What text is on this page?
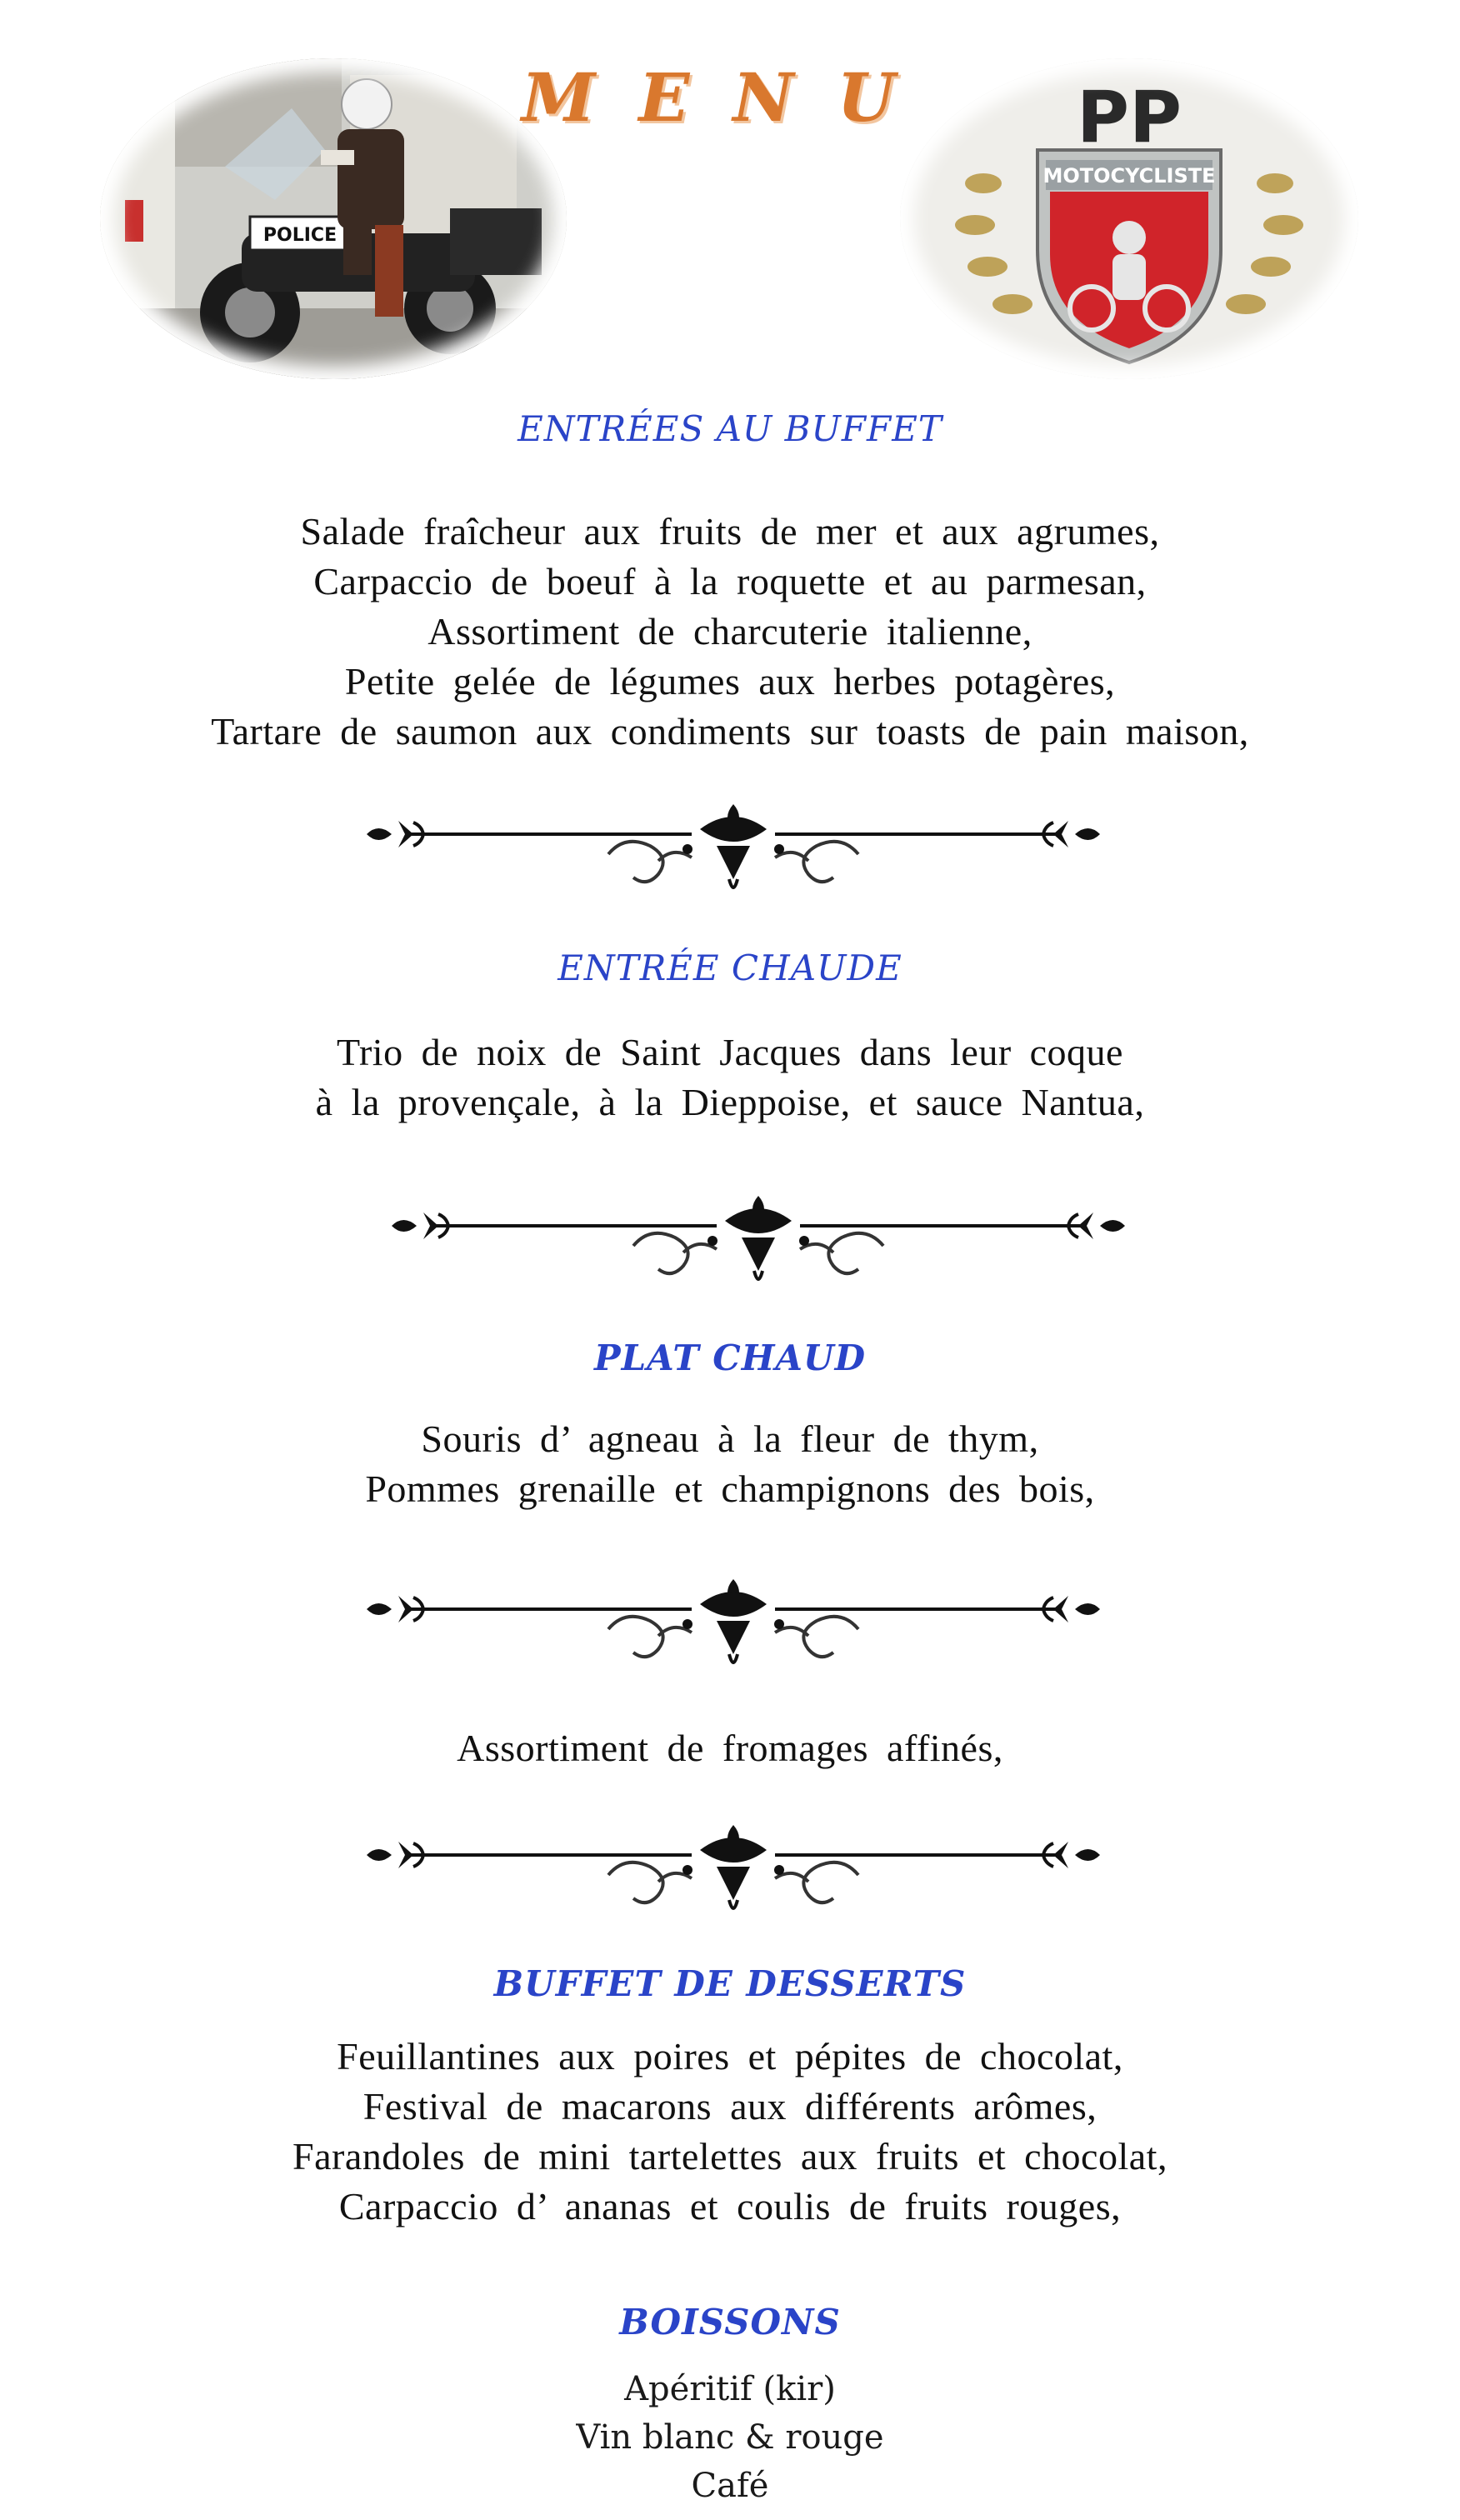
MENU
POLICE
MOTOCYCLISTE
PP
ENTRÉES AU BUFFET
Salade fraîcheur aux fruits de mer et aux agrumes,
Carpaccio de boeuf à la roquette et au parmesan,
Assortiment de charcuterie italienne,
Petite gelée de légumes aux herbes potagères,
Tartare de saumon aux condiments sur toasts de pain maison,
ENTRÉE CHAUDE
Trio de noix de Saint Jacques dans leur coque
à la provençale, à la Dieppoise, et sauce Nantua,
PLAT CHAUD
Souris d’ agneau à la fleur de thym,
Pommes grenaille et champignons des bois,
Assortiment de fromages affinés,
BUFFET DE DESSERTS
Feuillantines aux poires et pépites de chocolat,
Festival de macarons aux différents arômes,
Farandoles de mini tartelettes aux fruits et chocolat,
Carpaccio d’ ananas et coulis de fruits rouges,
BOISSONS
Apéritif (kir)
Vin blanc & rouge
Café
